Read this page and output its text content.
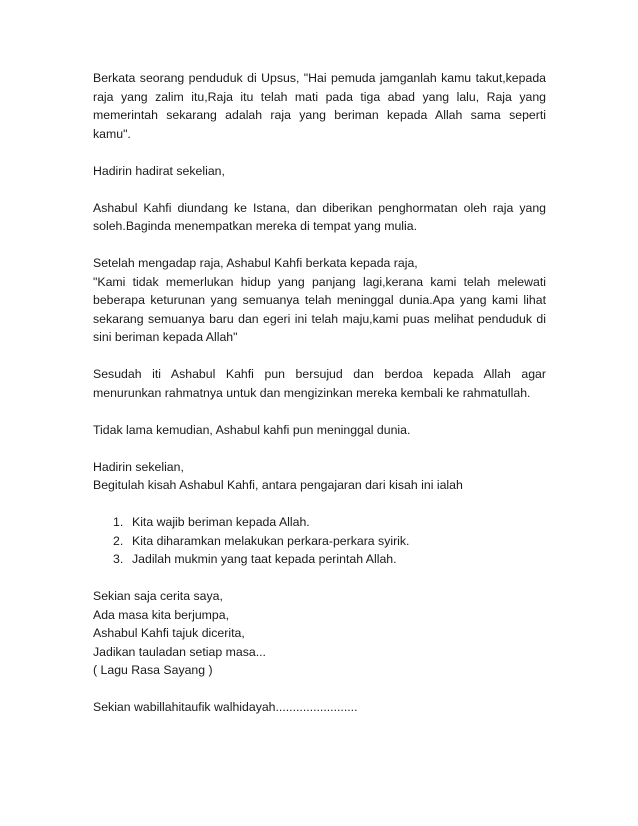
Berkata seorang penduduk di Upsus, "Hai pemuda jamganlah kamu takut,kepada
raja yang zalim itu,Raja itu telah mati pada tiga abad yang lalu, Raja yang
memerintah sekarang adalah raja yang beriman kepada Allah sama seperti
kamu".

Hadirin hadirat sekelian,

Ashabul Kahfi diundang ke Istana, dan diberikan penghormatan oleh raja yang
soleh.Baginda menempatkan mereka di tempat yang mulia.

Setelah mengadap raja, Ashabul Kahfi berkata kepada raja,
"Kami tidak memerlukan hidup yang panjang lagi,kerana kami telah melewati
beberapa keturunan yang semuanya telah meninggal dunia.Apa yang kami lihat
sekarang semuanya baru dan egeri ini telah maju,kami puas melihat penduduk di
sini beriman kepada Allah"

Sesudah iti Ashabul Kahfi pun bersujud dan berdoa kepada Allah agar
menurunkan rahmatnya untuk dan mengizinkan mereka kembali ke rahmatullah.

Tidak lama kemudian, Ashabul kahfi pun meninggal dunia.

Hadirin sekelian,
Begitulah kisah Ashabul Kahfi, antara pengajaran dari kisah ini ialah

1. Kita wajib beriman kepada Allah.
2. Kita diharamkan melakukan perkara-perkara syirik.
3. Jadilah mukmin yang taat kepada perintah Allah.

Sekian saja cerita saya,
Ada masa kita berjumpa,
Ashabul Kahfi tajuk dicerita,
Jadikan tauladan setiap masa...
( Lagu Rasa Sayang )

Sekian wabillahitaufik walhidayah........................
